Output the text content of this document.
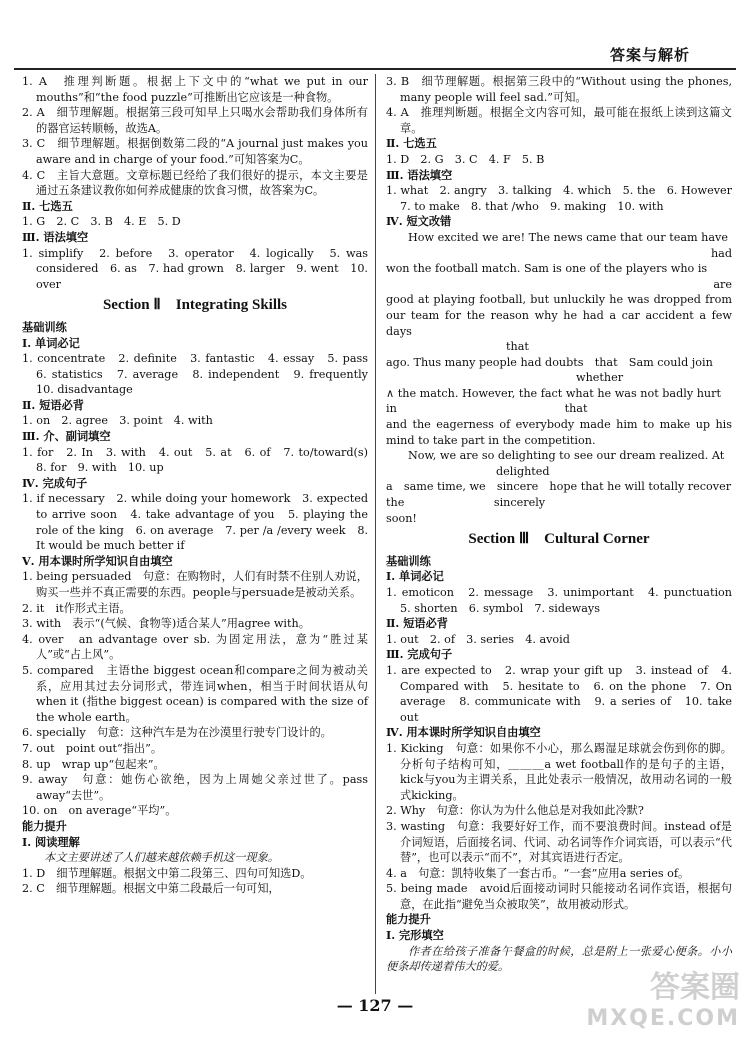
答案与解析

1. A　推理判断题。根据上下文中的“what we put in our mouths”和“the food puzzle”可推断出它应该是一种食物。

2. A　细节理解题。根据第三段可知早上只喝水会帮助我们身体所有的器官运转顺畅，故选A。

3. C　细节理解题。根据倒数第二段的“A journal just makes you aware and in charge of your food.”可知答案为C。

4. C　主旨大意题。文章标题已经给了我们很好的提示，本文主要是通过五条建议教你如何养成健康的饮食习惯，故答案为C。

Ⅱ. 七选五

1. G　2. C　3. B　4. E　5. D

Ⅲ. 语法填空

1. simplify　2. before　3. operator　4. logically　5. was　considered　6. as　7. had grown　8. larger　9. went　10. over

Section Ⅱ　Integrating Skills

基础训练

Ⅰ. 单词必记

1. concentrate　2. definite　3. fantastic　4. essay　5. pass　6. statistics　7. average　8. independent　9. frequently　10. disadvantage

Ⅱ. 短语必背

1. on　2. agree　3. point　4. with

Ⅲ. 介、副词填空

1. for　2. In　3. with　4. out　5. at　6. of　7. to/toward(s)　8. for　9. with　10. up

Ⅳ. 完成句子

1. if necessary　2. while doing your homework　3. expected to arrive soon　4. take advantage of you　5. playing the role of the king　6. on average　7. per /a /every week　8. It would be much better if

Ⅴ. 用本课时所学知识自由填空

1. being persuaded　句意：在购物时，人们有时禁不住别人劝说，购买一些并不真正需要的东西。people与persuade是被动关系。

2. it　it作形式主语。

3. with　表示“(气候、食物等)适合某人”用agree with。

4. over　an advantage over sb. 为固定用法，意为“胜过某人”或“占上风”。

5. compared　主语the biggest ocean和compare之间为被动关系，应用其过去分词形式，带连词when，相当于时间状语从句when it (指the biggest ocean) is compared with the size of the whole earth。

6. specially　句意：这种汽车是为在沙漠里行驶专门设计的。

7. out　point out“指出”。

8. up　wrap up“包起来”。

9. away　句意：她伤心欲绝，因为上周她父亲过世了。pass away“去世”。

10. on　on average“平均”。

能力提升

Ⅰ. 阅读理解

本文主要讲述了人们越来越依赖手机这一现象。

1. D　细节理解题。根据文中第二段第三、四句可知选D。

2. C　细节理解题。根据文中第二段最后一句可知，

3. B　细节理解题。根据第三段中的“Without using the phones, many people will feel sad.”可知。

4. A　推理判断题。根据全文内容可知，最可能在报纸上读到这篇文章。

Ⅱ. 七选五

1. D　2. G　3. C　4. F　5. B

Ⅲ. 语法填空

1. what　2. angry　3. talking　4. which　5. the　6. However　7. to make　8. that /who　9. making　10. with

Ⅳ. 短文改错

How excited we are! The news came that our team have

had

won the football match. Sam is one of the players who is

are

good at playing football, but unluckily he was dropped from our team for the reason why he had a car accident a few days

that

ago. Thus many people had doubts　that　Sam could join

whether

∧ the match. However, the fact what he was not badly hurt

in　　　　　　　　　　　　　　　that

and the eagerness of everybody made him to make up his mind to take part in the competition.

Now, we are so delighting to see our dream realized. At

delighted

a　same time, we　sincere　hope that he will totally recover

the　　　　　　　　sincerely

soon!

Section Ⅲ　Cultural Corner

基础训练

Ⅰ. 单词必记

1. emoticon　2. message　3. unimportant　4. punctuation　5. shorten　6. symbol　7. sideways

Ⅱ. 短语必背

1. out　2. of　3. series　4. avoid

Ⅲ. 完成句子

1. are expected to　2. wrap your gift up　3. instead of　4. Compared with　5. hesitate to　6. on the phone　7. On average　8. communicate with　9. a series of　10. take out

Ⅳ. 用本课时所学知识自由填空

1. Kicking　句意：如果你不小心，那么踢湿足球就会伤到你的脚。分析句子结构可知，＿＿＿a wet football作的是句子的主语，kick与you为主谓关系，且此处表示一般情况，故用动名词的一般式kicking。

2. Why　句意：你认为为什么他总是对我如此冷默?

3. wasting　句意：我要好好工作，而不要浪费时间。instead of是介词短语，后面接名词、代词、动名词等作介词宾语，可以表示“代替”，也可以表示“而不”，对其宾语进行否定。

4. a　句意：凯特收集了一套古币。“一套”应用a series of。

5. being made　avoid后面接动词时只能接动名词作宾语，根据句意，在此指“避免当众被取笑”，故用被动形式。

能力提升

Ⅰ. 完形填空

作者在给孩子准备午餐盒的时候，总是附上一张爱心便条。小小便条却传递着伟大的爱。

— 127 —
答案圈
MXQE.COM
